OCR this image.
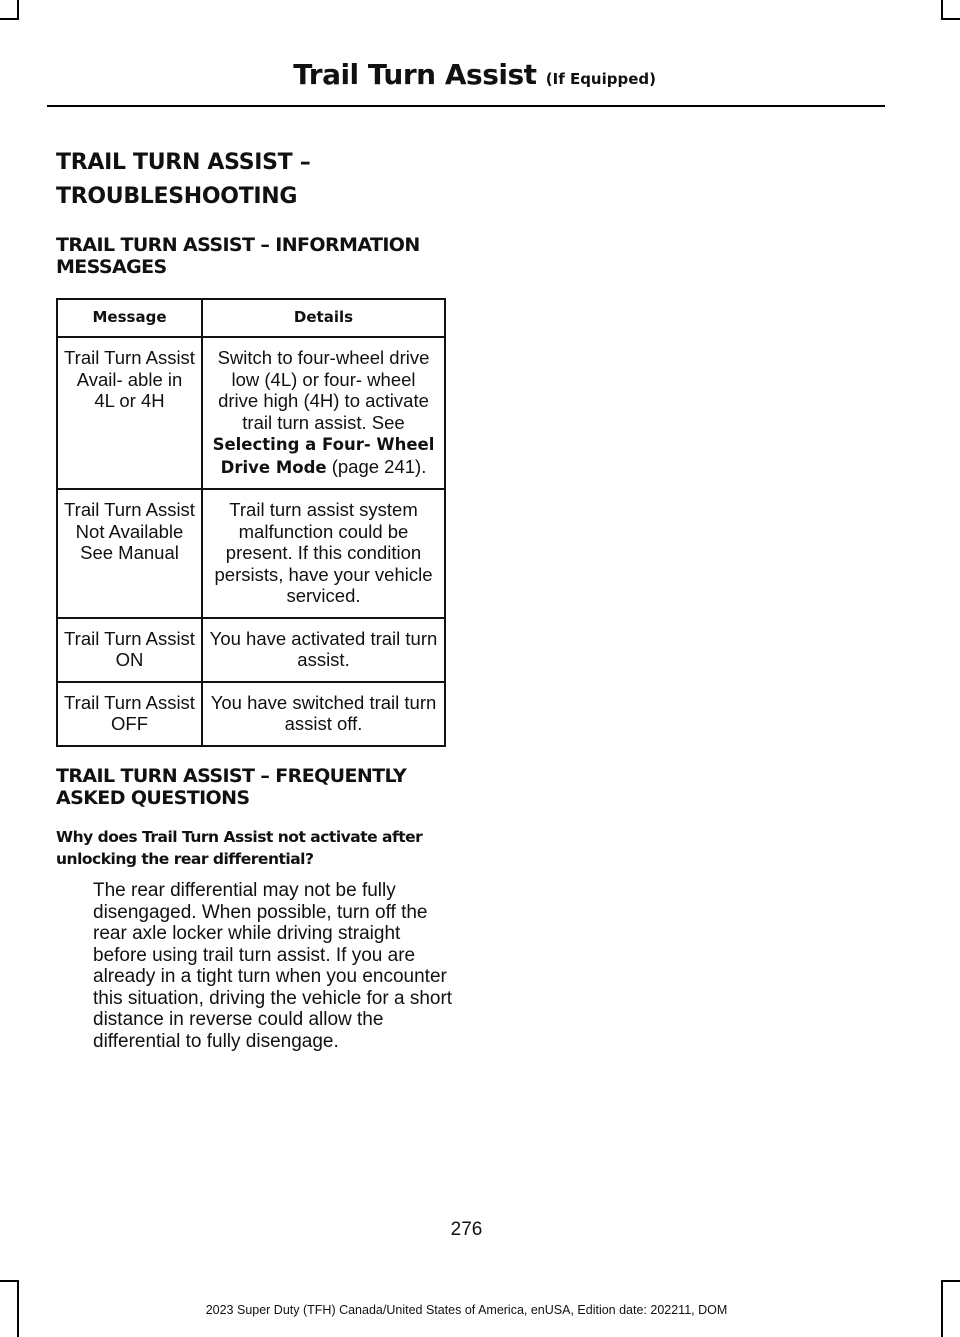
Trail Turn Assist (If Equipped)
TRAIL TURN ASSIST – TROUBLESHOOTING
TRAIL TURN ASSIST – INFORMATION MESSAGES
Message	Details
Trail Turn Assist Avail- able in 4L or 4H	Switch to four-wheel drive low (4L) or four- wheel drive high (4H) to activate trail turn assist. See Selecting a Four- Wheel Drive Mode (page 241).
Trail Turn Assist Not Available See Manual	Trail turn assist system malfunction could be present. If this condition persists, have your vehicle serviced.
Trail Turn Assist ON	You have activated trail turn assist.
Trail Turn Assist OFF	You have switched trail turn assist off.
TRAIL TURN ASSIST – FREQUENTLY ASKED QUESTIONS
Why does Trail Turn Assist not activate after unlocking the rear differential?
The rear differential may not be fully disengaged. When possible, turn off the rear axle locker while driving straight before using trail turn assist. If you are already in a tight turn when you encounter this situation, driving the vehicle for a short distance in reverse could allow the differential to fully disengage.
276
2023 Super Duty (TFH) Canada/United States of America, enUSA, Edition date: 202211, DOM
